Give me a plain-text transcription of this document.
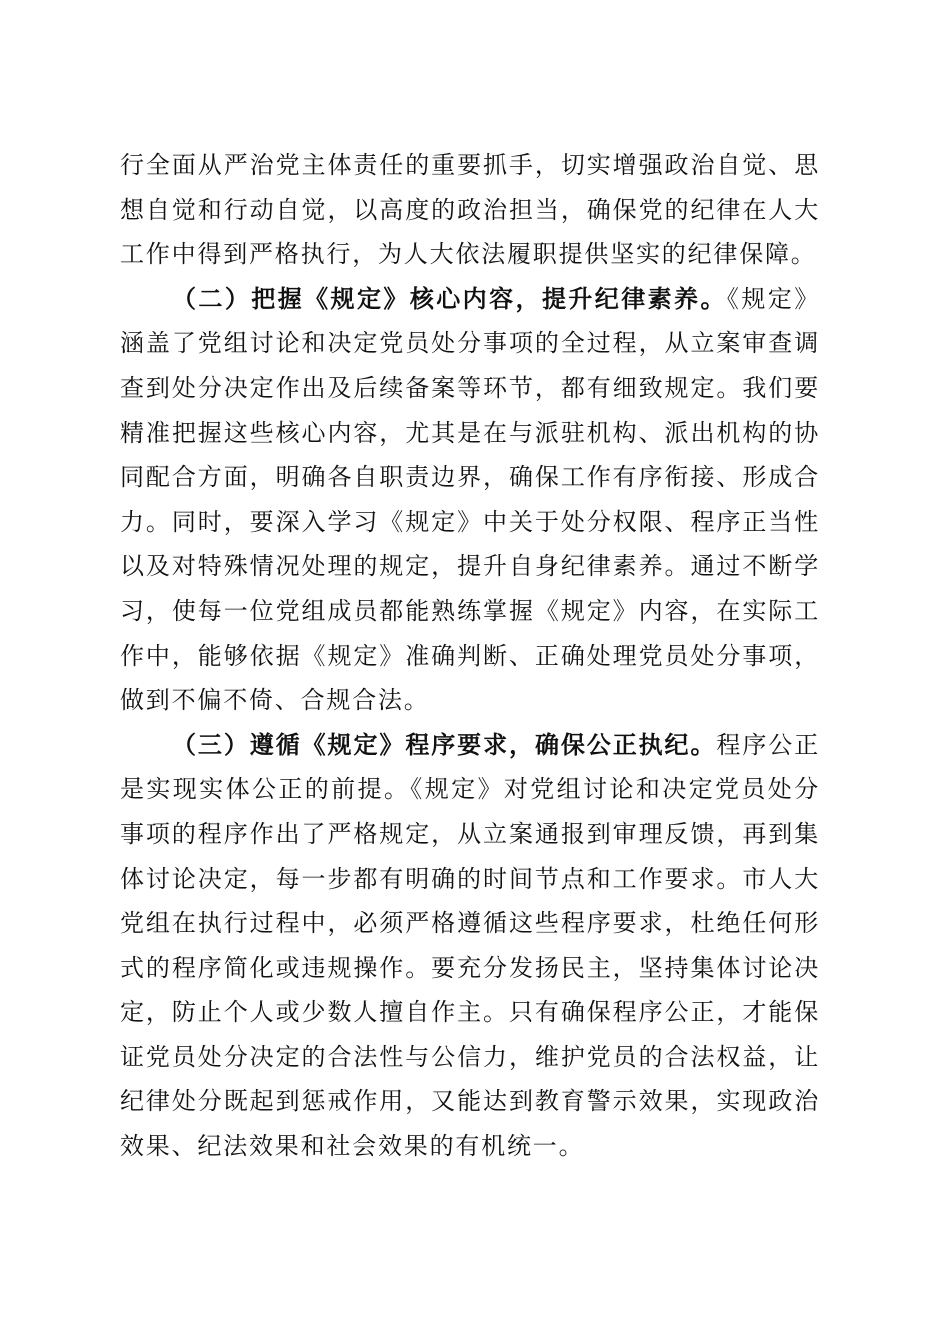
行全面从严治党主体责任的重要抓手，切实增强政治自觉、思想自觉和行动自觉，以高度的政治担当，确保党的纪律在人大工作中得到严格执行，为人大依法履职提供坚实的纪律保障。

（二）把握《规定》核心内容，提升纪律素养。《规定》涵盖了党组讨论和决定党员处分事项的全过程，从立案审查调查到处分决定作出及后续备案等环节，都有细致规定。我们要精准把握这些核心内容，尤其是在与派驻机构、派出机构的协同配合方面，明确各自职责边界，确保工作有序衔接、形成合力。同时，要深入学习《规定》中关于处分权限、程序正当性以及对特殊情况处理的规定，提升自身纪律素养。通过不断学习，使每一位党组成员都能熟练掌握《规定》内容，在实际工作中，能够依据《规定》准确判断、正确处理党员处分事项，做到不偏不倚、合规合法。

（三）遵循《规定》程序要求，确保公正执纪。程序公正是实现实体公正的前提。《规定》对党组讨论和决定党员处分事项的程序作出了严格规定，从立案通报到审理反馈，再到集体讨论决定，每一步都有明确的时间节点和工作要求。市人大党组在执行过程中，必须严格遵循这些程序要求，杜绝任何形式的程序简化或违规操作。要充分发扬民主，坚持集体讨论决定，防止个人或少数人擅自作主。只有确保程序公正，才能保证党员处分决定的合法性与公信力，维护党员的合法权益，让纪律处分既起到惩戒作用，又能达到教育警示效果，实现政治效果、纪法效果和社会效果的有机统一。
